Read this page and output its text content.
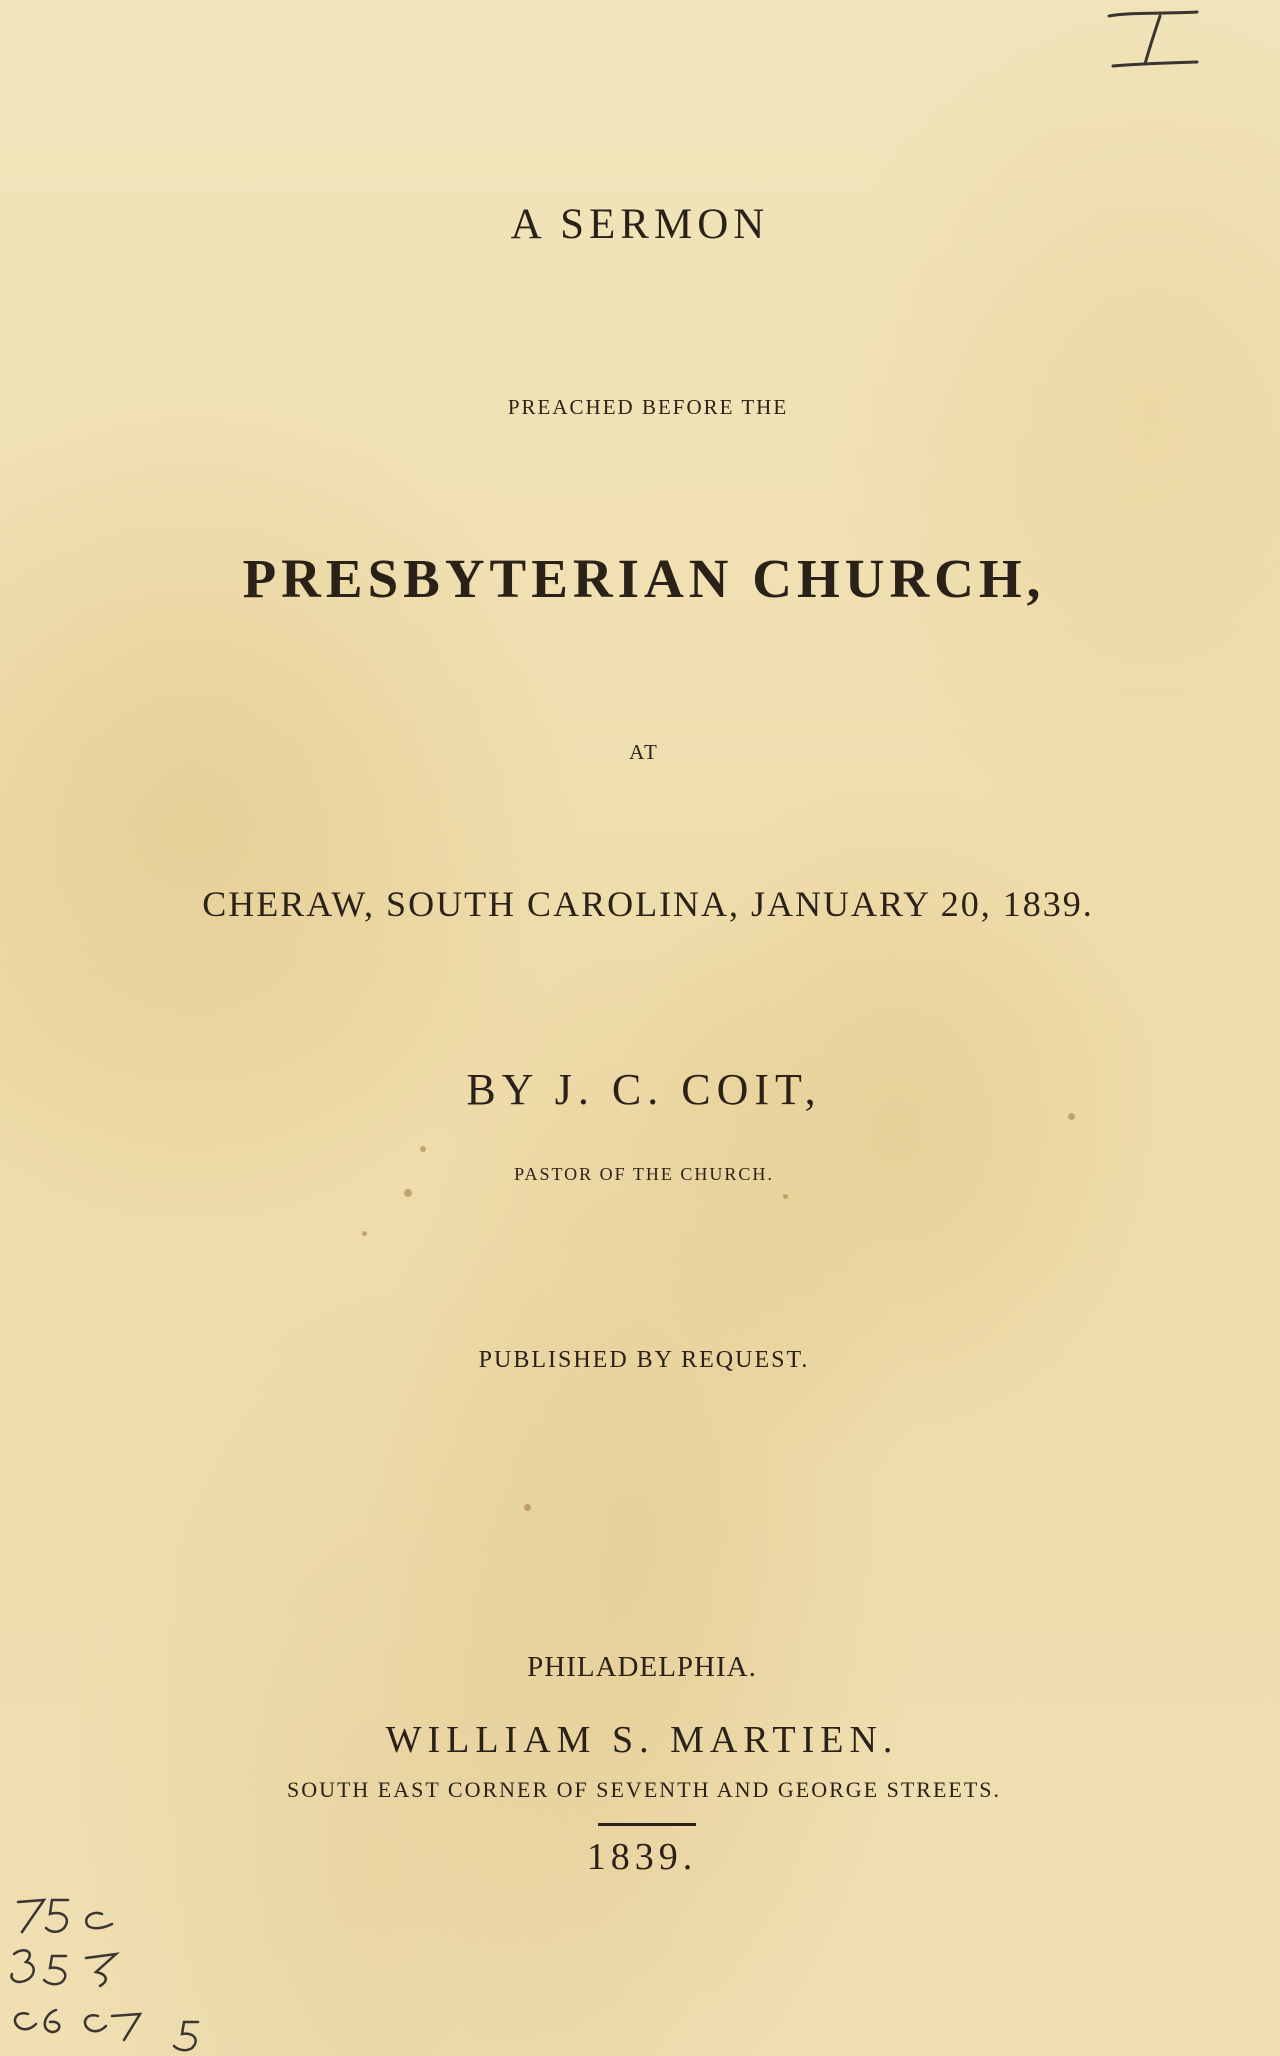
A SERMON
PREACHED BEFORE THE
PRESBYTERIAN CHURCH,
AT
CHERAW, SOUTH CAROLINA, JANUARY 20, 1839.
BY J. C. COIT,
PASTOR OF THE CHURCH.
PUBLISHED BY REQUEST.
PHILADELPHIA.
WILLIAM S. MARTIEN.
SOUTH EAST CORNER OF SEVENTH AND GEORGE STREETS.
1839.
